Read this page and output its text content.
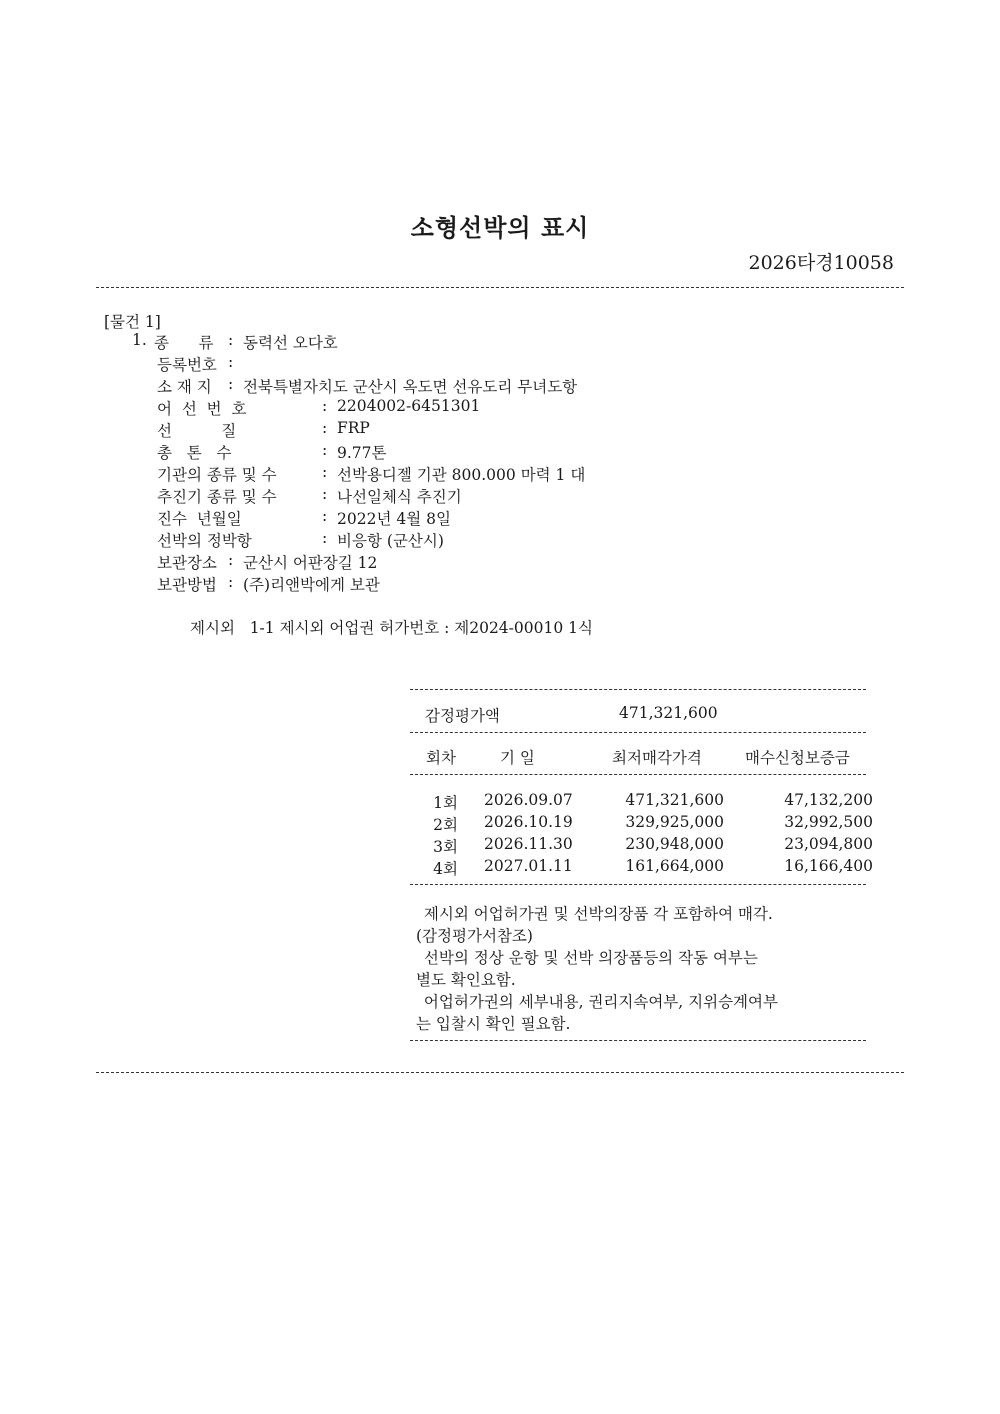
소형선박의 표시
2026타경10058
[물건 1]
1. 종      류 : 동력선 오다호
등록번호 :
소 재 지 : 전북특별자치도 군산시 옥도면 선유도리 무녀도항
어  선  번  호	: 2204002-6451301
선          질	: FRP
총   톤   수	: 9.77톤
기관의 종류 및 수	: 선박용디젤 기관 800.000 마력 1 대
추진기 종류 및 수	: 나선일체식 추진기
진수  년월일	: 2022년 4월 8일
선박의 정박항	: 비응항 (군산시)
보관장소 : 군산시 어판장길 12
보관방법 : (주)리앤박에게 보관
제시외   1-1 제시외 어업권 허가번호 : 제2024-00010 1식
감정평가액	471,321,600
회차	기 일	최저매각가격	매수신청보증금
1회 2026.09.07	471,321,600	47,132,200
2회 2026.10.19	329,925,000	32,992,500
3회 2026.11.30	230,948,000	23,094,800
4회 2027.01.11	161,664,000	16,166,400
제시외 어업허가권 및 선박의장품 각 포함하여 매각.
(감정평가서참조)
선박의 정상 운항 및 선박 의장품등의 작동 여부는
별도 확인요함.
어업허가권의 세부내용, 권리지속여부, 지위승계여부
는 입찰시 확인 필요함.
